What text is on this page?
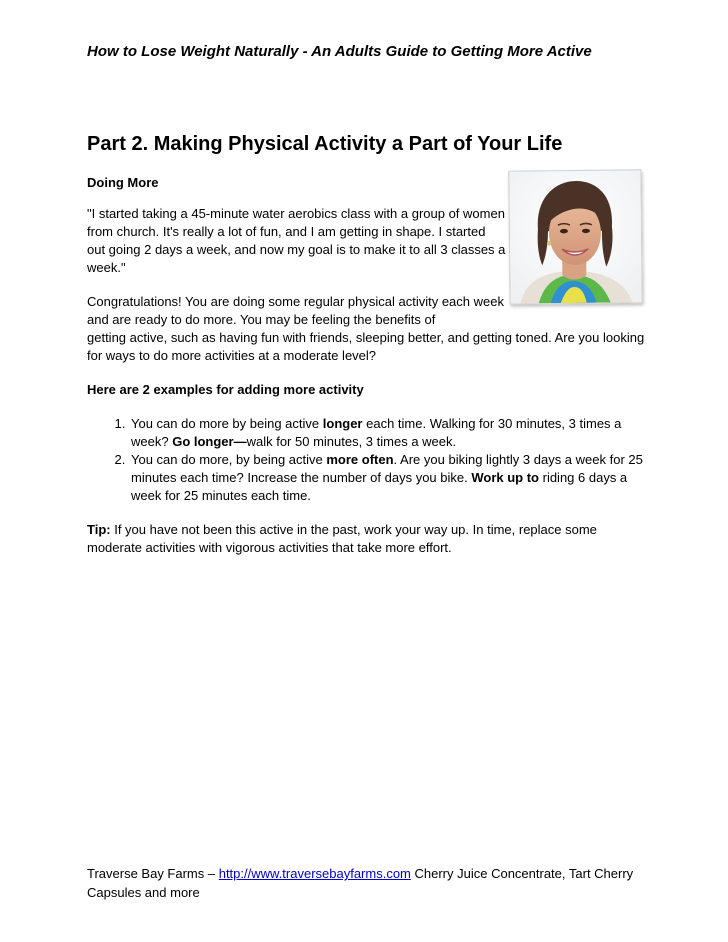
How to Lose Weight Naturally - An Adults Guide to Getting More Active
Part 2. Making Physical Activity a Part of Your Life
Doing More

"I started taking a 45-minute water aerobics class with a group of women from church. It's really a lot of fun, and I am getting in shape. I started out going 2 days a week, and now my goal is to make it to all 3 classes a week."

Congratulations! You are doing some regular physical activity each week and are ready to do more. You may be feeling the benefits of
getting active, such as having fun with friends, sleeping better, and getting toned. Are you looking for ways to do more activities at a moderate level?

Here are 2 examples for adding more activity

1. You can do more by being active longer each time. Walking for 30 minutes, 3 times a week? Go longer—walk for 50 minutes, 3 times a week.
2. You can do more, by being active more often. Are you biking lightly 3 days a week for 25 minutes each time? Increase the number of days you bike. Work up to riding 6 days a week for 25 minutes each time.

Tip: If you have not been this active in the past, work your way up. In time, replace some moderate activities with vigorous activities that take more effort.

Traverse Bay Farms – http://www.traversebayfarms.com Cherry Juice Concentrate, Tart Cherry Capsules and more
